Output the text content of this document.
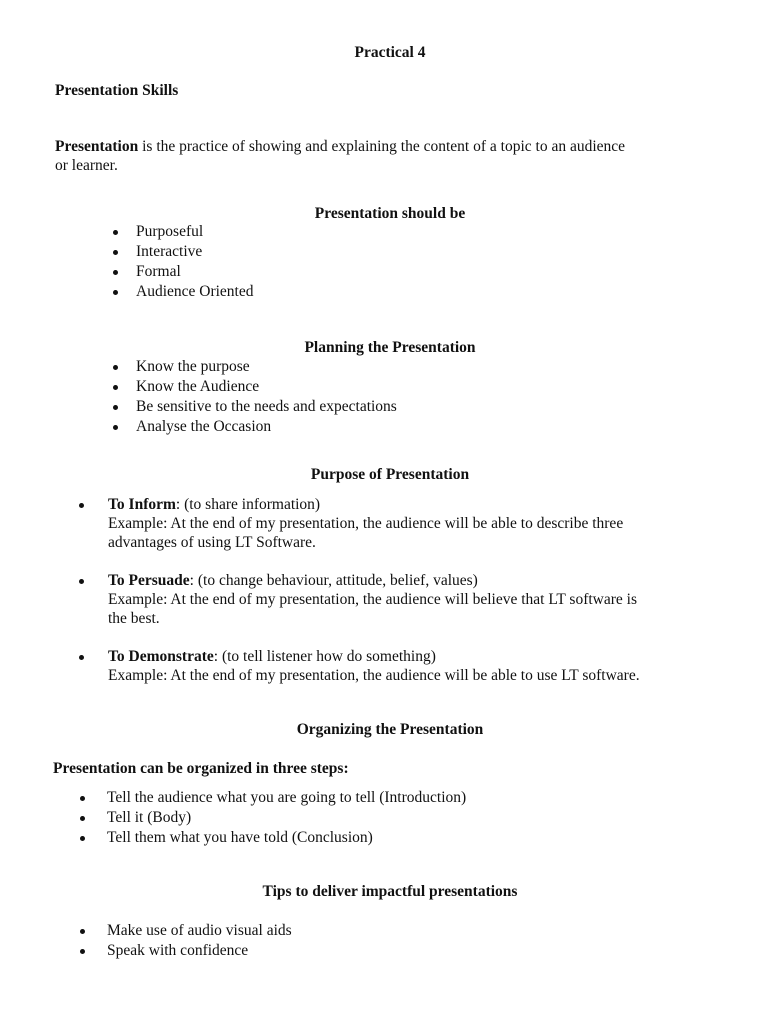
Practical 4
Presentation Skills
Presentation is the practice of showing and explaining the content of a topic to an audience
or learner.
Presentation should be
Purposeful
Interactive
Formal
Audience Oriented
Planning the Presentation
Know the purpose
Know the Audience
Be sensitive to the needs and expectations
Analyse the Occasion
Purpose of Presentation
To Inform: (to share information)
Example: At the end of my presentation, the audience will be able to describe three
advantages of using LT Software.
To Persuade: (to change behaviour, attitude, belief, values)
Example: At the end of my presentation, the audience will believe that LT software is
the best.
To Demonstrate: (to tell listener how do something)
Example: At the end of my presentation, the audience will be able to use LT software.
Organizing the Presentation
Presentation can be organized in three steps:
Tell the audience what you are going to tell (Introduction)
Tell it (Body)
Tell them what you have told (Conclusion)
Tips to deliver impactful presentations
Make use of audio visual aids
Speak with confidence
